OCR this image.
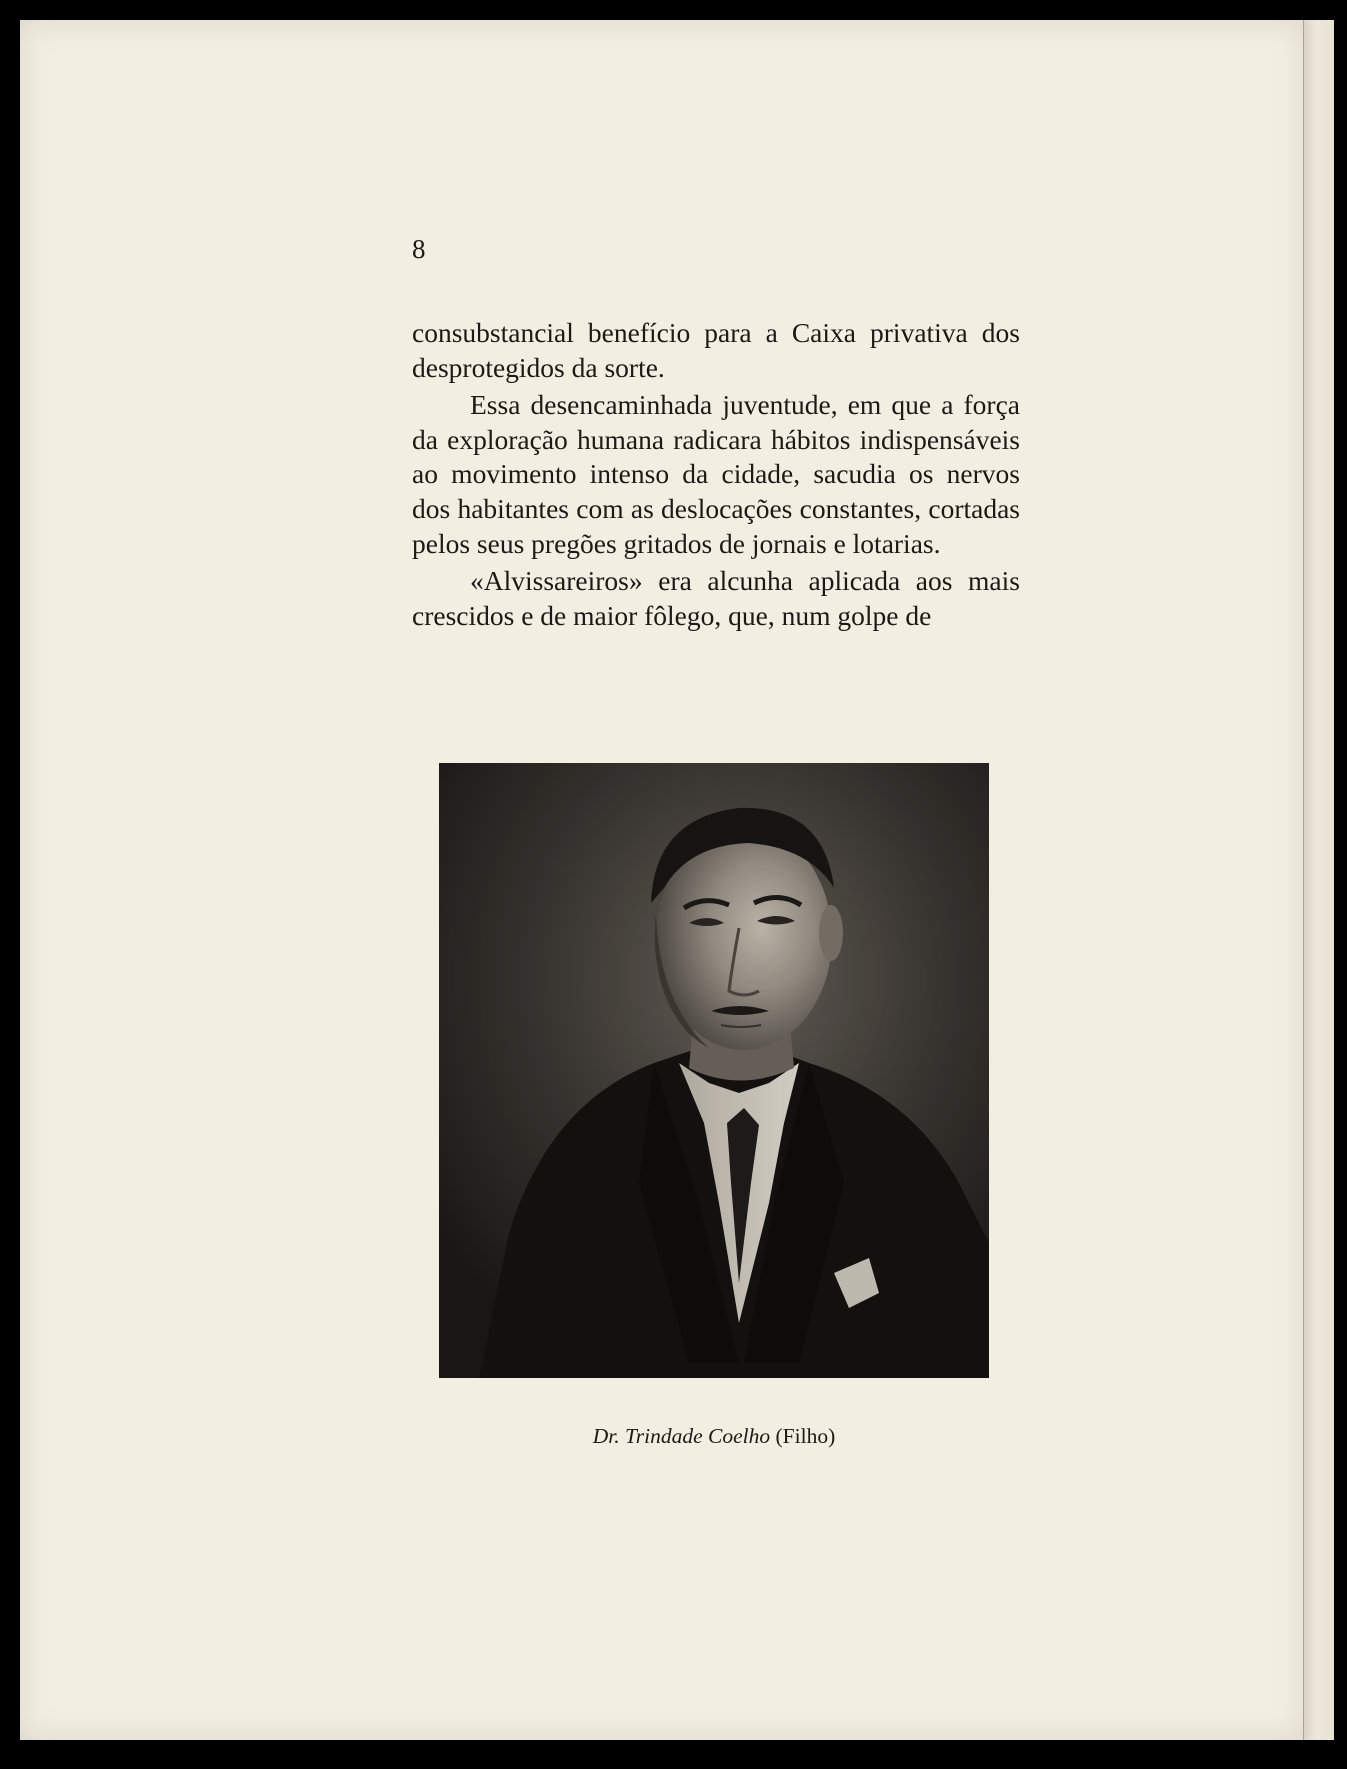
8

consubstancial benefício para a Caixa privativa dos desprotegidos da sorte.

Essa desencaminhada juventude, em que a força da exploração humana radicara hábitos indispensáveis ao movimento intenso da cidade, sacudia os nervos dos habitantes com as deslocações constantes, cortadas pelos seus pregões gritados de jornais e lotarias.

«Alvissareiros» era alcunha aplicada aos mais crescidos e de maior fôlego, que, num golpe de

Dr. Trindade Coelho (Filho)
